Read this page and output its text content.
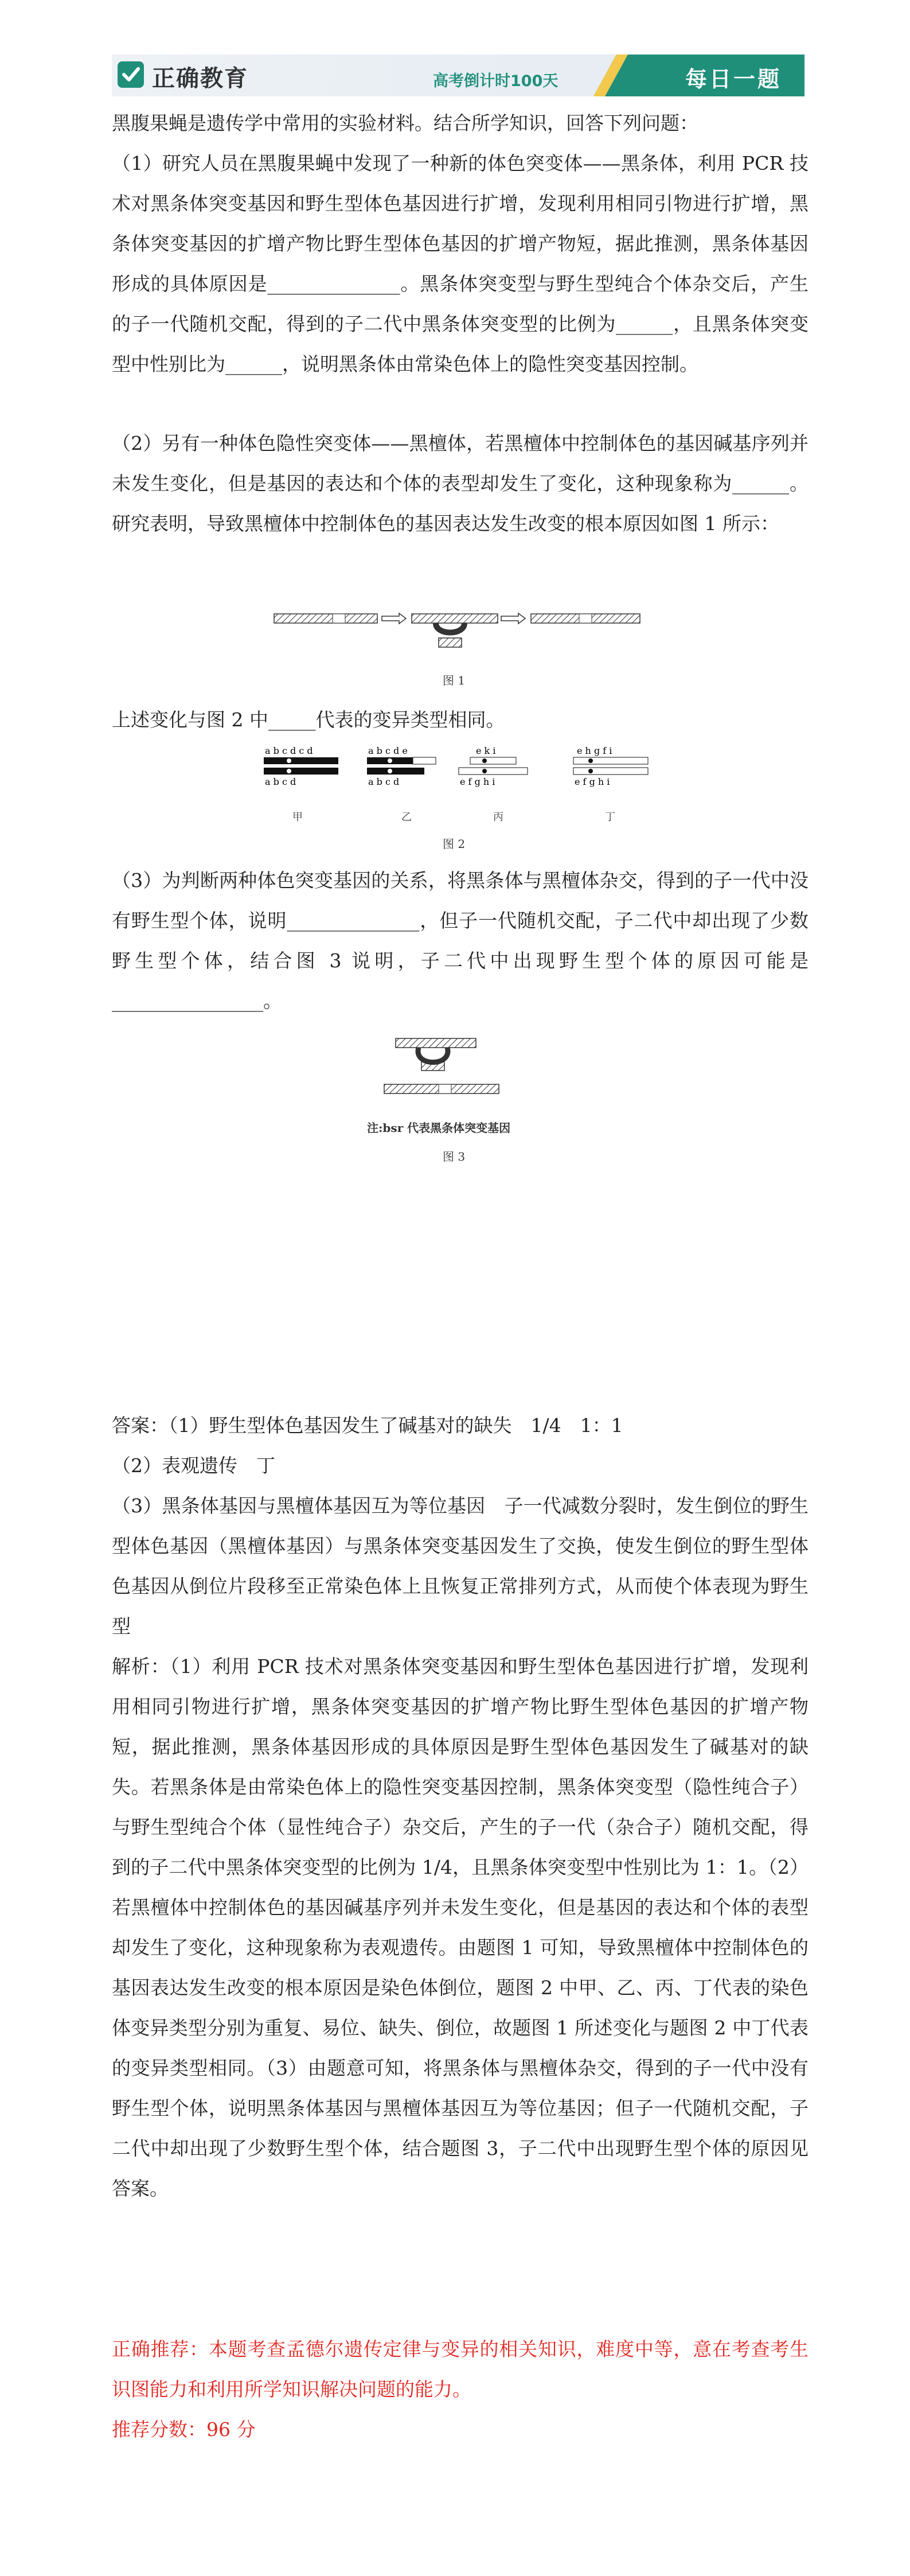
正确教育	高考倒计时100天	每日一题

黑腹果蝇是遗传学中常用的实验材料。结合所学知识，回答下列问题：

（1）研究人员在黑腹果蝇中发现了一种新的体色突变体——黑条体，利用 PCR 技术对黑条体突变基因和野生型体色基因进行扩增，发现利用相同引物进行扩增，黑条体突变基因的扩增产物比野生型体色基因的扩增产物短，据此推测，黑条体基因形成的具体原因是______________。黑条体突变型与野生型纯合个体杂交后，产生的子一代随机交配，得到的子二代中黑条体突变型的比例为______，且黑条体突变型中性别比为______，说明黑条体由常染色体上的隐性突变基因控制。

（2）另有一种体色隐性突变体——黑檀体，若黑檀体中控制体色的基因碱基序列并未发生变化，但是基因的表达和个体的表型却发生了变化，这种现象称为______。研究表明，导致黑檀体中控制体色的基因表达发生改变的根本原因如图 1 所示：

图 1

上述变化与图 2 中_____代表的变异类型相同。

a b c d c d
a b c d
a b c d e
a b c d
e k i
e f g h i
e h g f i
e f g h i
甲	乙	丙	丁
图 2

（3）为判断两种体色突变基因的关系，将黑条体与黑檀体杂交，得到的子一代中没有野生型个体，说明______________，但子一代随机交配，子二代中却出现了少数野生型个体，结合图 3 说明，子二代中出现野生型个体的原因可能是________________。

注:bsr 代表黑条体突变基因
图 3

答案：（1）野生型体色基因发生了碱基对的缺失　1/4　1：1

（2）表观遗传　丁

（3）黑条体基因与黑檀体基因互为等位基因　子一代减数分裂时，发生倒位的野生型体色基因（黑檀体基因）与黑条体突变基因发生了交换，使发生倒位的野生型体色基因从倒位片段移至正常染色体上且恢复正常排列方式，从而使个体表现为野生型

解析：（1）利用 PCR 技术对黑条体突变基因和野生型体色基因进行扩增，发现利用相同引物进行扩增，黑条体突变基因的扩增产物比野生型体色基因的扩增产物短，据此推测，黑条体基因形成的具体原因是野生型体色基因发生了碱基对的缺失。若黑条体是由常染色体上的隐性突变基因控制，黑条体突变型（隐性纯合子）与野生型纯合个体（显性纯合子）杂交后，产生的子一代（杂合子）随机交配，得到的子二代中黑条体突变型的比例为 1/4，且黑条体突变型中性别比为 1：1。（2）若黑檀体中控制体色的基因碱基序列并未发生变化，但是基因的表达和个体的表型却发生了变化，这种现象称为表观遗传。由题图 1 可知，导致黑檀体中控制体色的基因表达发生改变的根本原因是染色体倒位，题图 2 中甲、乙、丙、丁代表的染色体变异类型分别为重复、易位、缺失、倒位，故题图 1 所述变化与题图 2 中丁代表的变异类型相同。（3）由题意可知，将黑条体与黑檀体杂交，得到的子一代中没有野生型个体，说明黑条体基因与黑檀体基因互为等位基因；但子一代随机交配，子二代中却出现了少数野生型个体，结合题图 3，子二代中出现野生型个体的原因见答案。

正确推荐：本题考查孟德尔遗传定律与变异的相关知识，难度中等，意在考查考生识图能力和利用所学知识解决问题的能力。

推荐分数：96 分
